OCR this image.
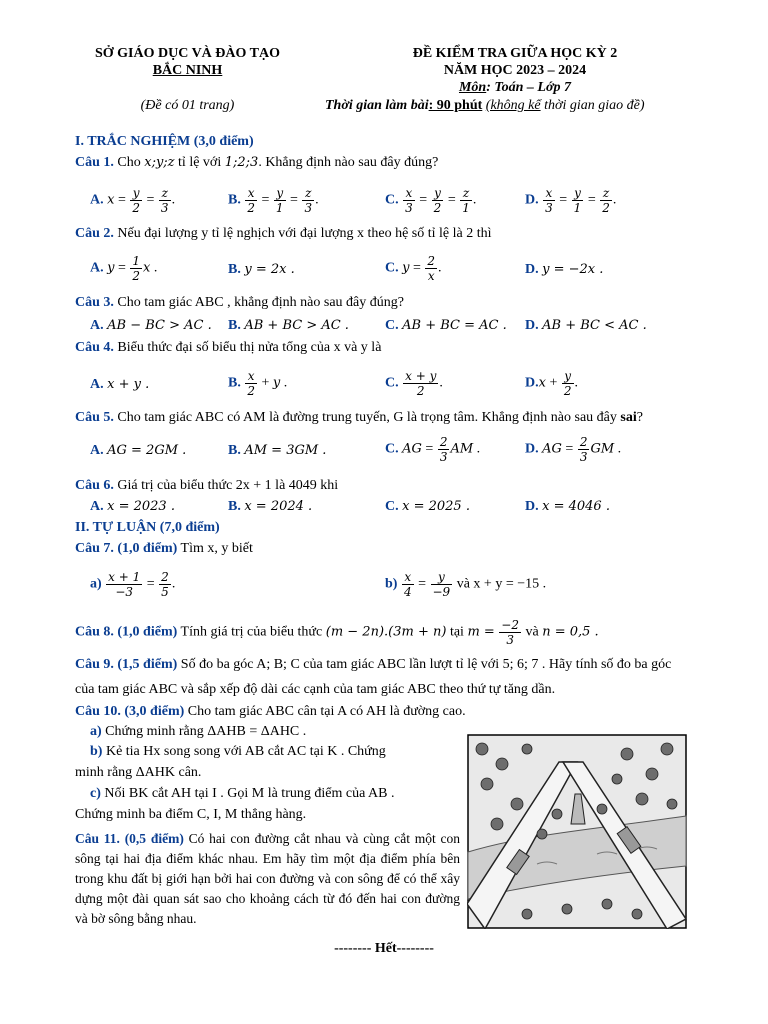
SỞ GIÁO DỤC VÀ ĐÀO TẠO
BẮC NINH
(Đề có 01 trang)
ĐỀ KIỂM TRA GIỮA HỌC KỲ 2
NĂM HỌC 2023 – 2024
Môn: Toán – Lớp 7
Thời gian làm bài: 90 phút (không kể thời gian giao đề)
I. TRẮC NGHIỆM (3,0 điểm)
Câu 1. Cho x;y;z tỉ lệ với 1;2;3. Khẳng định nào sau đây đúng?
A. $x = \frac{y}{2} = \frac{z}{3}$ .	B. $\frac{x}{2} = \frac{y}{1} = \frac{z}{3}$ .	C. $\frac{x}{3} = \frac{y}{2} = \frac{z}{1}$ .	D. $\frac{x}{3} = \frac{y}{1} = \frac{z}{2}$ .
Câu 2. Nếu đại lượng y tỉ lệ nghịch với đại lượng x theo hệ số tỉ lệ là 2 thì
A. $y = \frac{1}{2}$ x .	B. y = 2x .	C. $y = \frac{2}{x}$ .	D. y = −2x .
Câu 3. Cho tam giác ABC , khẳng định nào sau đây đúng?
A. AB − BC > AC . B. AB + BC > AC .	C. AB + BC = AC . D. AB + BC < AC .
Câu 4. Biểu thức đại số biểu thị nửa tổng của x và y là
A. x + y .	B. $\frac{x}{2} + y$ .	C. $\frac{x + y}{2}$ .	$D.x + \frac{y}{2}$ .
Câu 5. Cho tam giác ABC có AM là đường trung tuyến, G là trọng tâm. Khẳng định nào sau đây sai?
A. AG = 2GM .	B. AM = 3GM .	C. AG = $\frac{2}{3}$ AM .	D. AG = $\frac{2}{3}$ GM .
Câu 6. Giá trị của biểu thức 2x + 1 là 4049 khi
A. x = 2023 .	B. x = 2024 .	C. x = 2025 .	D. x = 4046 .
II. TỰ LUẬN (7,0 điểm)
Câu 7. (1,0 điểm) Tìm x, y biết
$a) \frac{x + 1}{-3} = \frac{2}{5}$ .	$b) \frac{x}{4} = \frac{y}{-9}$ và x + y = −15 .
Câu 8. (1,0 điểm) Tính giá trị của biểu thức (m − 2n).(3m + n) tại $m = \frac{-2}{3}$ và n = 0,5 .
Câu 9. (1,5 điểm) Số đo ba góc A; B; C của tam giác ABC lần lượt tỉ lệ với 5; 6; 7 . Hãy tính số đo ba góc
của tam giác ABC và sắp xếp độ dài các cạnh của tam giác ABC theo thứ tự tăng dần.
Câu 10. (3,0 điểm) Cho tam giác ABC cân tại A có AH là đường cao.
a) Chứng minh rằng ΔAHB = ΔAHC .
b) Kẻ tia Hx song song với AB cắt AC tại K . Chứng
minh rằng ΔAHK cân.
c) Nối BK cắt AH tại I . Gọi M là trung điểm của AB .
Chứng minh ba điểm C, I, M thẳng hàng.
Câu 11. (0,5 điểm) Có hai con đường cắt nhau và cùng cắt một con sông tại hai địa điểm khác nhau. Em hãy tìm một địa điểm phía bên trong khu đất bị giới hạn bởi hai con đường và con sông để có thể xây dựng một đài quan sát sao cho khoảng cách từ đó đến hai con đường và bờ sông bằng nhau.
-------- Hết--------
